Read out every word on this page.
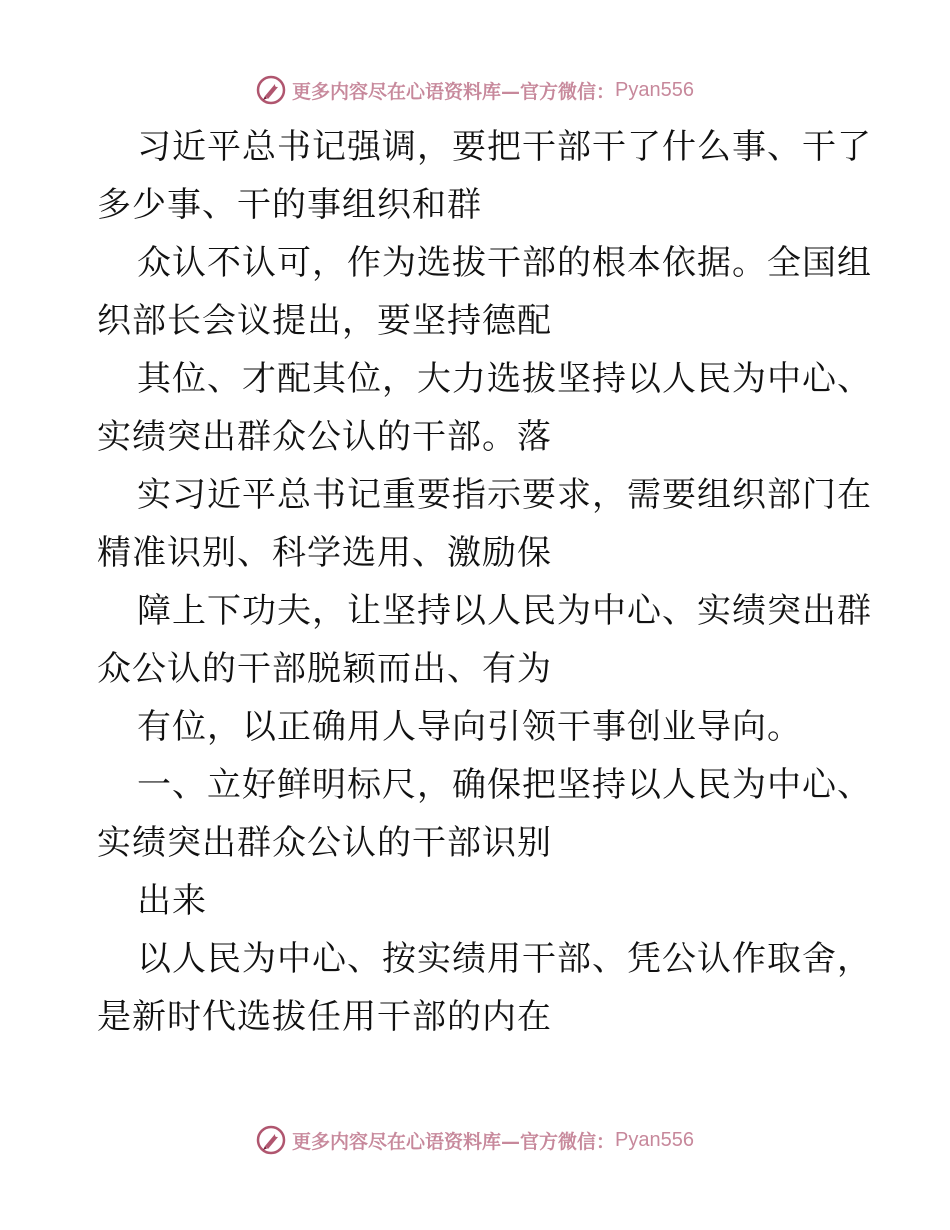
更多内容尽在心语资料库—官方微信： Pyan556
习近平总书记强调，要把干部干了什么事、干了
多少事、干的事组织和群
众认不认可，作为选拔干部的根本依据。全国组
织部长会议提出，要坚持德配
其位、才配其位，大力选拔坚持以人民为中心、
实绩突出群众公认的干部。落
实习近平总书记重要指示要求，需要组织部门在
精准识别、科学选用、激励保
障上下功夫，让坚持以人民为中心、实绩突出群
众公认的干部脱颖而出、有为
有位，以正确用人导向引领干事创业导向。
一、立好鲜明标尺，确保把坚持以人民为中心、
实绩突出群众公认的干部识别
出来
以人民为中心、按实绩用干部、凭公认作取舍，
是新时代选拔任用干部的内在
更多内容尽在心语资料库—官方微信： Pyan556
